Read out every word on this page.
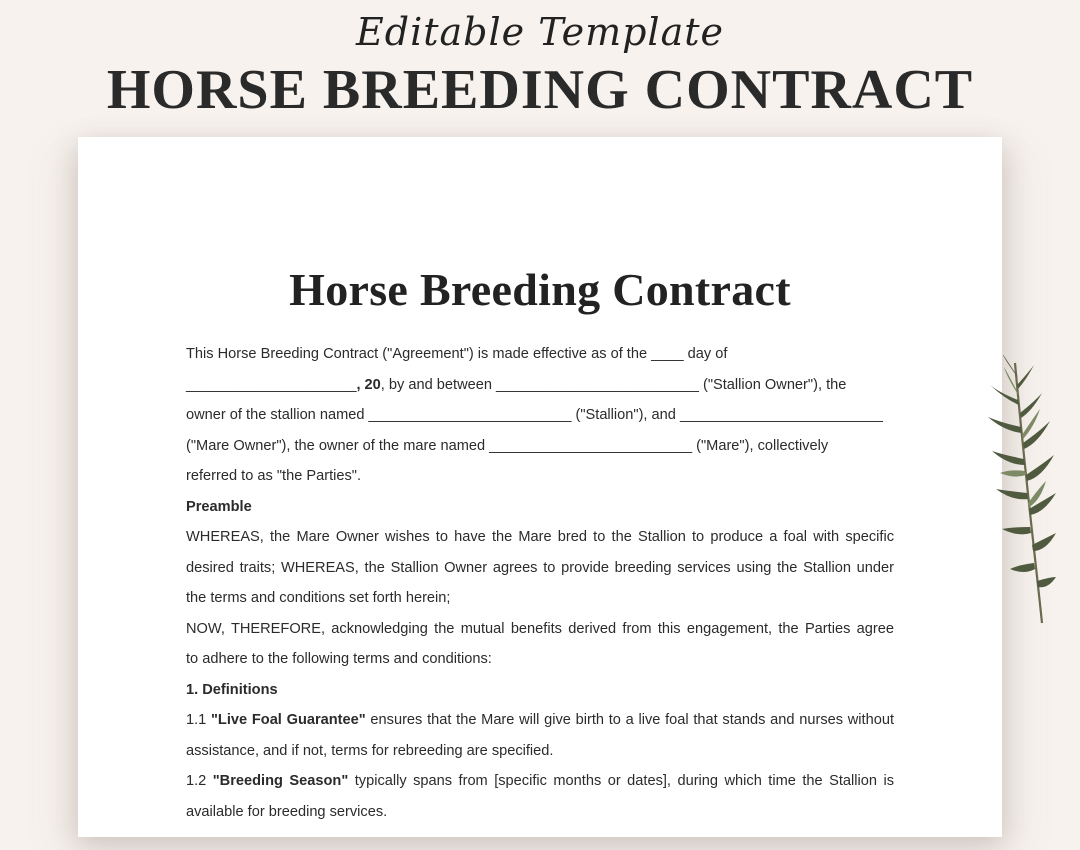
Editable Template
HORSE BREEDING CONTRACT
Horse Breeding Contract
This Horse Breeding Contract ("Agreement") is made effective as of the ____ day of
_____________________, 20, by and between _________________________ ("Stallion Owner"), the
owner of the stallion named _________________________ ("Stallion"), and _________________________
("Mare Owner"), the owner of the mare named _________________________ ("Mare"), collectively
referred to as "the Parties".
Preamble
WHEREAS, the Mare Owner wishes to have the Mare bred to the Stallion to produce a foal with specific
desired traits; WHEREAS, the Stallion Owner agrees to provide breeding services using the Stallion under
the terms and conditions set forth herein;
NOW, THEREFORE, acknowledging the mutual benefits derived from this engagement, the Parties agree
to adhere to the following terms and conditions:
1. Definitions
1.1 "Live Foal Guarantee" ensures that the Mare will give birth to a live foal that stands and nurses without
assistance, and if not, terms for rebreeding are specified.
1.2 "Breeding Season" typically spans from [specific months or dates], during which time the Stallion is
available for breeding services.
